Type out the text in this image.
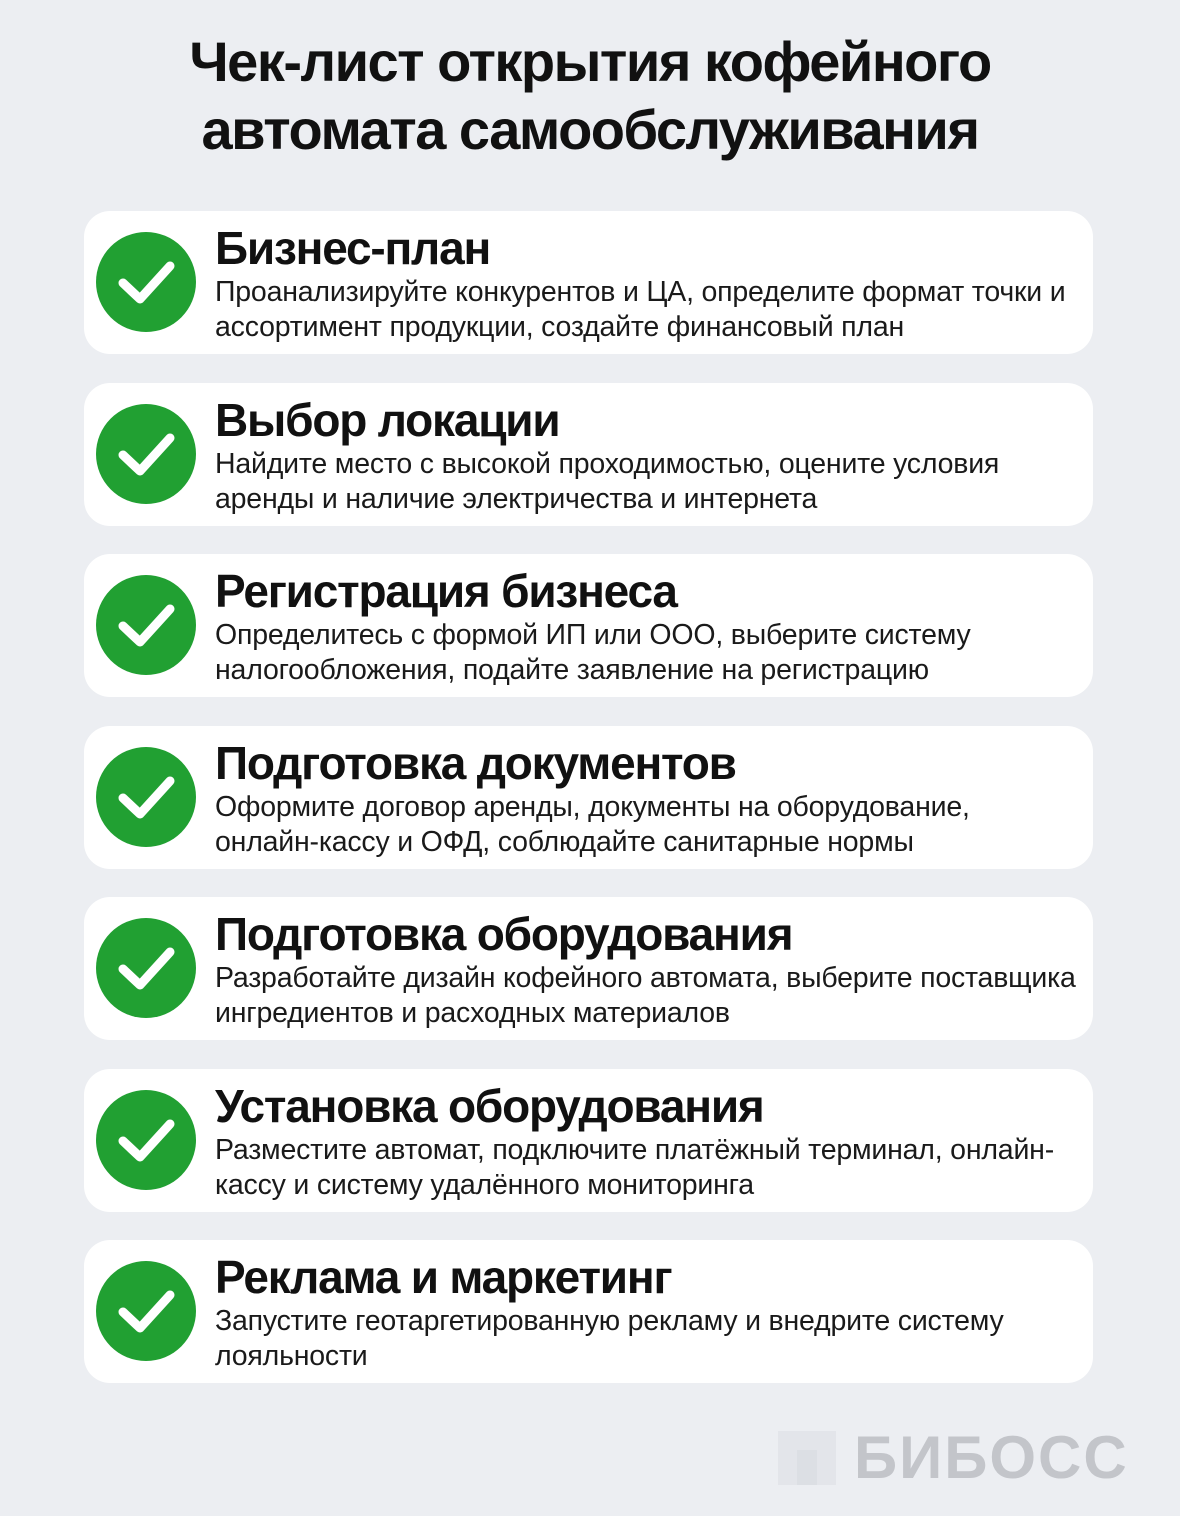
Чек-лист открытия кофейного
автомата самообслуживания
Бизнес-план
Проанализируйте конкурентов и ЦА, определите формат точки и ассортимент продукции, создайте финансовый план
Выбор локации
Найдите место с высокой проходимостью, оцените условия аренды и наличие электричества и интернета
Регистрация бизнеса
Определитесь с формой ИП или ООО, выберите систему налогообложения, подайте заявление на регистрацию
Подготовка документов
Оформите договор аренды, документы на оборудование, онлайн-кассу и ОФД, соблюдайте санитарные нормы
Подготовка оборудования
Разработайте дизайн кофейного автомата, выберите поставщика ингредиентов и расходных материалов
Установка оборудования
Разместите автомат, подключите платёжный терминал, онлайн-кассу и систему удалённого мониторинга
Реклама и маркетинг
Запустите геотаргетированную рекламу и внедрите систему лояльности
БИБОСС
